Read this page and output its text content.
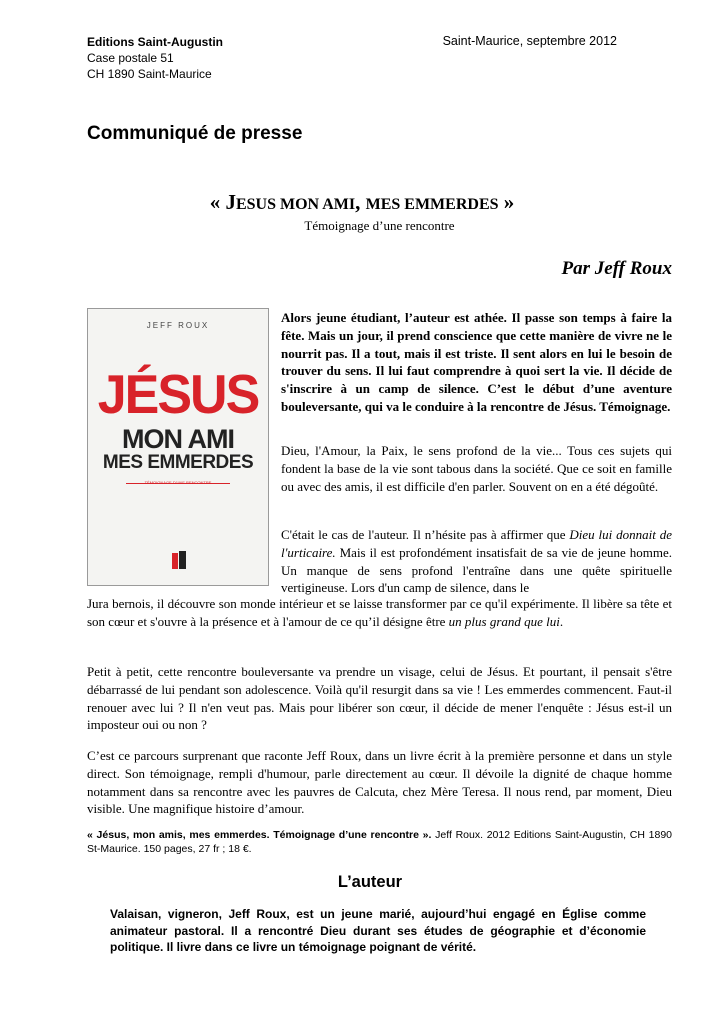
Editions Saint-Augustin
Case postale 51
CH 1890 Saint-Maurice
Saint-Maurice, septembre 2012
Communiqué de presse
« JESUS MON AMI, MES EMMERDES »
Témoignage d’une rencontre
Par Jeff Roux
JEFF ROUX
JÉSUS
MON AMI
MES EMMERDES
TÉMOIGNAGE D'UNE RENCONTRE

Alors jeune étudiant, l’auteur est athée. Il passe son temps à faire la fête. Mais un jour, il prend conscience que cette manière de vivre ne le nourrit pas. Il a tout, mais il est triste. Il sent alors en lui le besoin de trouver du sens. Il lui faut comprendre à quoi sert la vie. Il décide de s'inscrire à un camp de silence. C’est le début d’une aventure bouleversante, qui va le conduire à la rencontre de Jésus. Témoignage.

Dieu, l'Amour, la Paix, le sens profond de la vie... Tous ces sujets qui fondent la base de la vie sont tabous dans la société. Que ce soit en famille ou avec des amis, il est difficile d'en parler. Souvent on en a été dégoûté.

C'était le cas de l'auteur. Il n’hésite pas à affirmer que Dieu lui donnait de l'urticaire. Mais il est profondément insatisfait de sa vie de jeune homme. Un manque de sens profond l'entraîne dans une quête spirituelle vertigineuse. Lors d'un camp de silence, dans le

Jura bernois, il découvre son monde intérieur et se laisse transformer par ce qu'il expérimente. Il libère sa tête et son cœur et s'ouvre à la présence et à l'amour de ce qu’il désigne être un plus grand que lui.

Petit à petit, cette rencontre bouleversante va prendre un visage, celui de Jésus. Et pourtant, il pensait s'être débarrassé de lui pendant son adolescence. Voilà qu'il resurgit dans sa vie ! Les emmerdes commencent. Faut-il renouer avec lui ? Il n'en veut pas. Mais pour libérer son cœur, il décide de mener l'enquête : Jésus est-il un imposteur oui ou non ?

C’est ce parcours surprenant que raconte Jeff Roux, dans un livre écrit à la première personne et dans un style direct. Son témoignage, rempli d'humour, parle directement au cœur. Il dévoile la dignité de chaque homme notamment dans sa rencontre avec les pauvres de Calcuta, chez Mère Teresa. Il nous rend, par moment, Dieu visible. Une magnifique histoire d’amour.

« Jésus, mon amis, mes emmerdes. Témoignage d’une rencontre ». Jeff Roux. 2012 Editions Saint-Augustin, CH 1890 St-Maurice. 150 pages, 27 fr ; 18 €.

L’auteur

Valaisan, vigneron, Jeff Roux, est un jeune marié, aujourd’hui engagé en Église comme animateur pastoral. Il a rencontré Dieu durant ses études de géographie et d’économie politique. Il livre dans ce livre un témoignage poignant de vérité.
